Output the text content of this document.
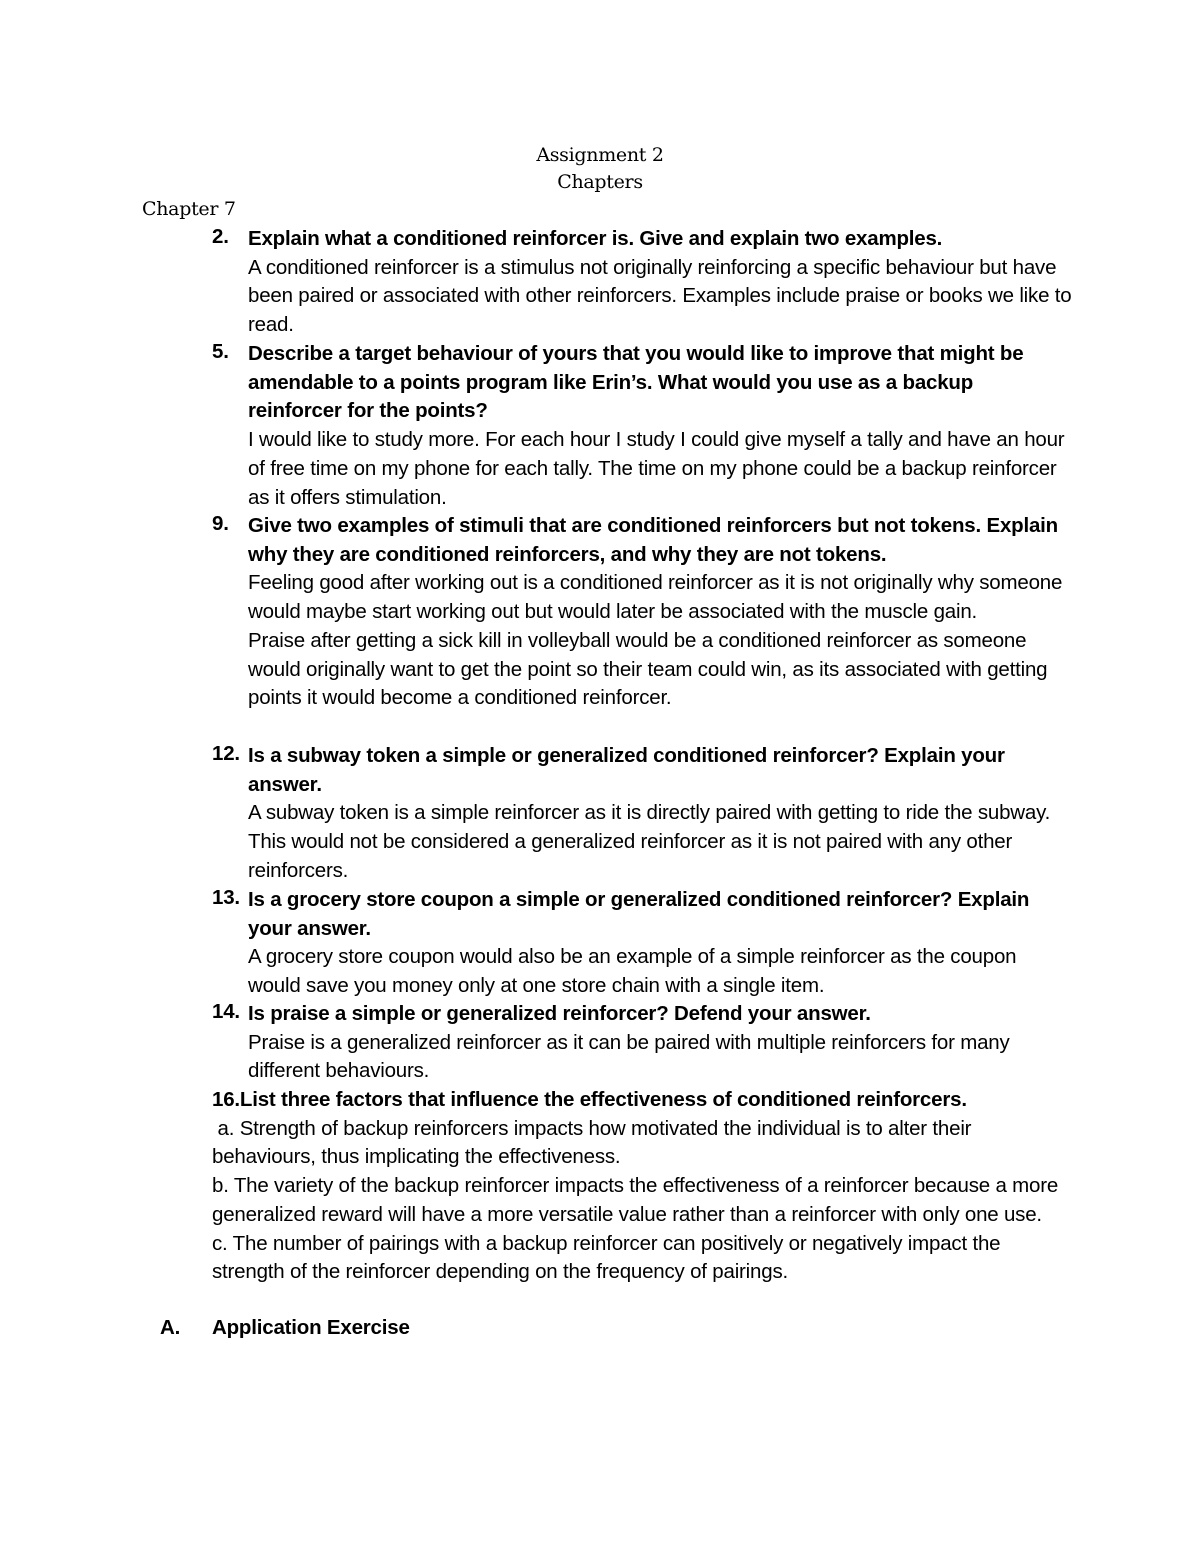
Assignment 2
Chapters
Chapter 7
2. Explain what a conditioned reinforcer is. Give and explain two examples.
A conditioned reinforcer is a stimulus not originally reinforcing a specific behaviour but have been paired or associated with other reinforcers. Examples include praise or books we like to read.
5. Describe a target behaviour of yours that you would like to improve that might be amendable to a points program like Erin’s. What would you use as a backup reinforcer for the points?
I would like to study more. For each hour I study I could give myself a tally and have an hour of free time on my phone for each tally. The time on my phone could be a backup reinforcer as it offers stimulation.
9. Give two examples of stimuli that are conditioned reinforcers but not tokens. Explain why they are conditioned reinforcers, and why they are not tokens.
Feeling good after working out is a conditioned reinforcer as it is not originally why someone would maybe start working out but would later be associated with the muscle gain.
Praise after getting a sick kill in volleyball would be a conditioned reinforcer as someone would originally want to get the point so their team could win, as its associated with getting points it would become a conditioned reinforcer.
12. Is a subway token a simple or generalized conditioned reinforcer? Explain your answer.
A subway token is a simple reinforcer as it is directly paired with getting to ride the subway. This would not be considered a generalized reinforcer as it is not paired with any other reinforcers.
13. Is a grocery store coupon a simple or generalized conditioned reinforcer? Explain your answer.
A grocery store coupon would also be an example of a simple reinforcer as the coupon would save you money only at one store chain with a single item.
14. Is praise a simple or generalized reinforcer? Defend your answer.
Praise is a generalized reinforcer as it can be paired with multiple reinforcers for many different behaviours.
16.List three factors that influence the effectiveness of conditioned reinforcers.
a. Strength of backup reinforcers impacts how motivated the individual is to alter their behaviours, thus implicating the effectiveness.
b. The variety of the backup reinforcer impacts the effectiveness of a reinforcer because a more generalized reward will have a more versatile value rather than a reinforcer with only one use.
c. The number of pairings with a backup reinforcer can positively or negatively impact the strength of the reinforcer depending on the frequency of pairings.
A. Application Exercise
